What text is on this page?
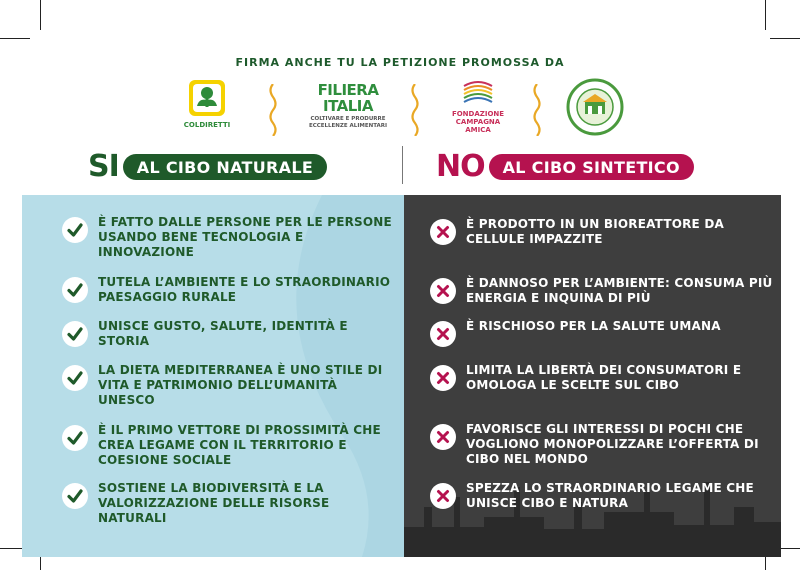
FIRMA ANCHE TU LA PETIZIONE PROMOSSA DA
COLDIRETTI
FILIERA ITALIA
COLTIVARE E PRODURRE ECCELLENZE ALIMENTARI
FONDAZIONE CAMPAGNA AMICA
SI	AL CIBO NATURALE	NO	AL CIBO SINTETICO
È FATTO DALLE PERSONE PER LE PERSONE USANDO BENE TECNOLOGIA E INNOVAZIONE
TUTELA L’AMBIENTE E LO STRAORDINARIO PAESAGGIO RURALE
UNISCE GUSTO, SALUTE, IDENTITÀ E STORIA
LA DIETA MEDITERRANEA È UNO STILE DI VITA E PATRIMONIO DELL’UMANITÀ UNESCO
È IL PRIMO VETTORE DI PROSSIMITÀ CHE CREA LEGAME CON IL TERRITORIO E COESIONE SOCIALE
SOSTIENE LA BIODIVERSITÀ E LA VALORIZZAZIONE DELLE RISORSE NATURALI
È PRODOTTO IN UN BIOREATTORE DA CELLULE IMPAZZITE
È DANNOSO PER L’AMBIENTE: CONSUMA PIÙ ENERGIA E INQUINA DI PIÙ
È RISCHIOSO PER LA SALUTE UMANA
LIMITA LA LIBERTÀ DEI CONSUMATORI E OMOLOGA LE SCELTE SUL CIBO
FAVORISCE GLI INTERESSI DI POCHI CHE VOGLIONO MONOPOLIZZARE L’OFFERTA DI CIBO NEL MONDO
SPEZZA LO STRAORDINARIO LEGAME CHE UNISCE CIBO E NATURA
